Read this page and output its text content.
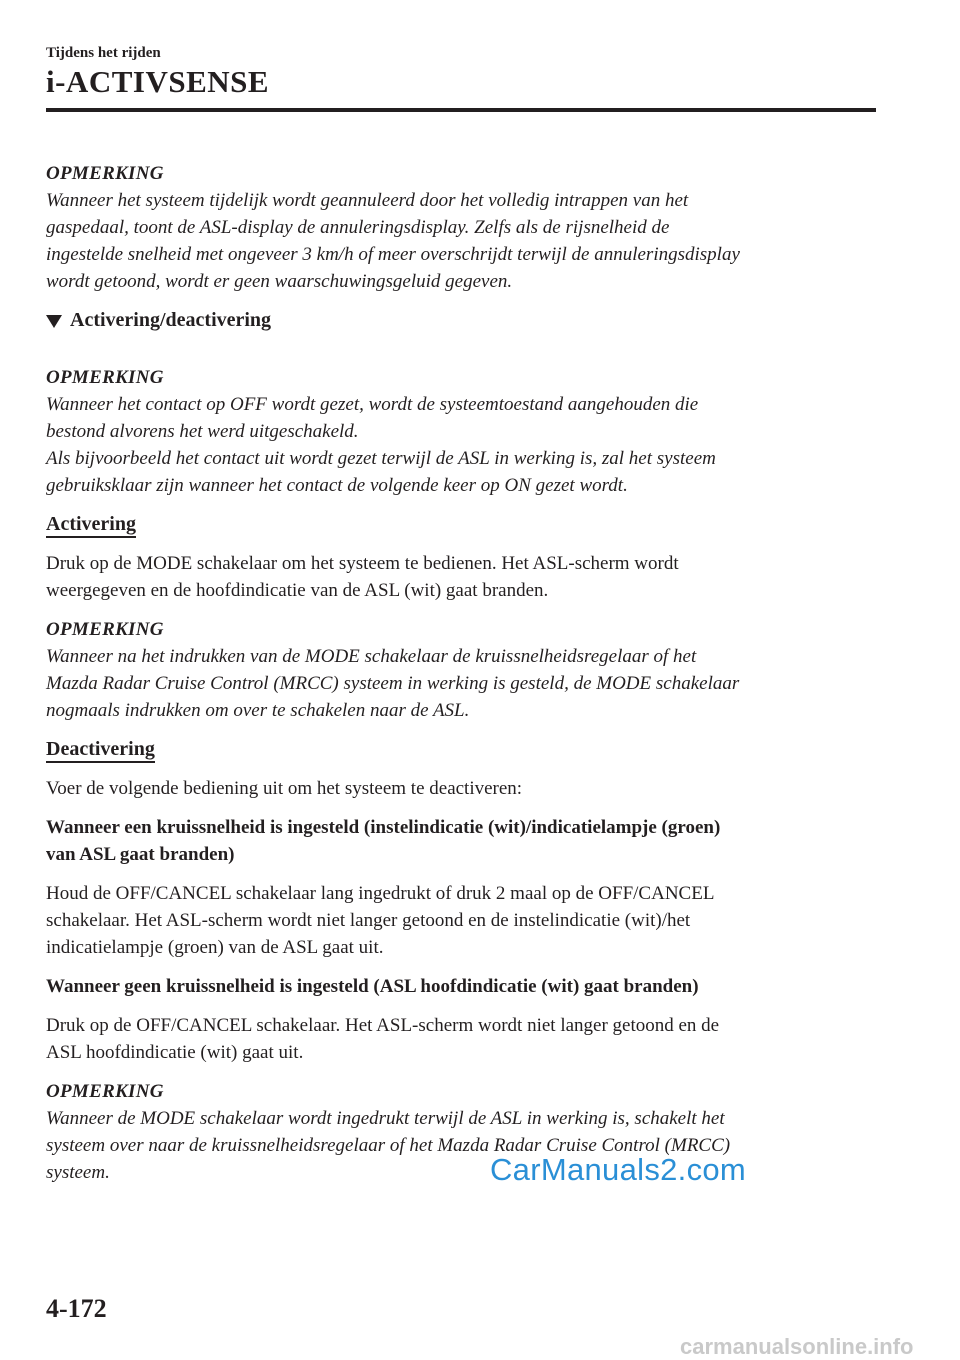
Tijdens het rijden
i-ACTIVSENSE

OPMERKING

Wanneer het systeem tijdelijk wordt geannuleerd door het volledig intrappen van het

gaspedaal, toont de ASL-display de annuleringsdisplay. Zelfs als de rijsnelheid de

ingestelde snelheid met ongeveer 3 km/h of meer overschrijdt terwijl de annuleringsdisplay

wordt getoond, wordt er geen waarschuwingsgeluid gegeven.

Activering/deactivering

OPMERKING

Wanneer het contact op OFF wordt gezet, wordt de systeemtoestand aangehouden die

bestond alvorens het werd uitgeschakeld.

Als bijvoorbeeld het contact uit wordt gezet terwijl de ASL in werking is, zal het systeem

gebruiksklaar zijn wanneer het contact de volgende keer op ON gezet wordt.

Activering

Druk op de MODE schakelaar om het systeem te bedienen. Het ASL-scherm wordt

weergegeven en de hoofdindicatie van de ASL (wit) gaat branden.

OPMERKING

Wanneer na het indrukken van de MODE schakelaar de kruissnelheidsregelaar of het

Mazda Radar Cruise Control (MRCC) systeem in werking is gesteld, de MODE schakelaar

nogmaals indrukken om over te schakelen naar de ASL.

Deactivering

Voer de volgende bediening uit om het systeem te deactiveren:

Wanneer een kruissnelheid is ingesteld (instelindicatie (wit)/indicatielampje (groen)

van ASL gaat branden)

Houd de OFF/CANCEL schakelaar lang ingedrukt of druk 2 maal op de OFF/CANCEL

schakelaar. Het ASL-scherm wordt niet langer getoond en de instelindicatie (wit)/het

indicatielampje (groen) van de ASL gaat uit.

Wanneer geen kruissnelheid is ingesteld (ASL hoofdindicatie (wit) gaat branden)

Druk op de OFF/CANCEL schakelaar. Het ASL-scherm wordt niet langer getoond en de

ASL hoofdindicatie (wit) gaat uit.

OPMERKING

Wanneer de MODE schakelaar wordt ingedrukt terwijl de ASL in werking is, schakelt het

systeem over naar de kruissnelheidsregelaar of het Mazda Radar Cruise Control (MRCC)

systeem.	CarManuals2.com
4-172
carmanualsonline.info
